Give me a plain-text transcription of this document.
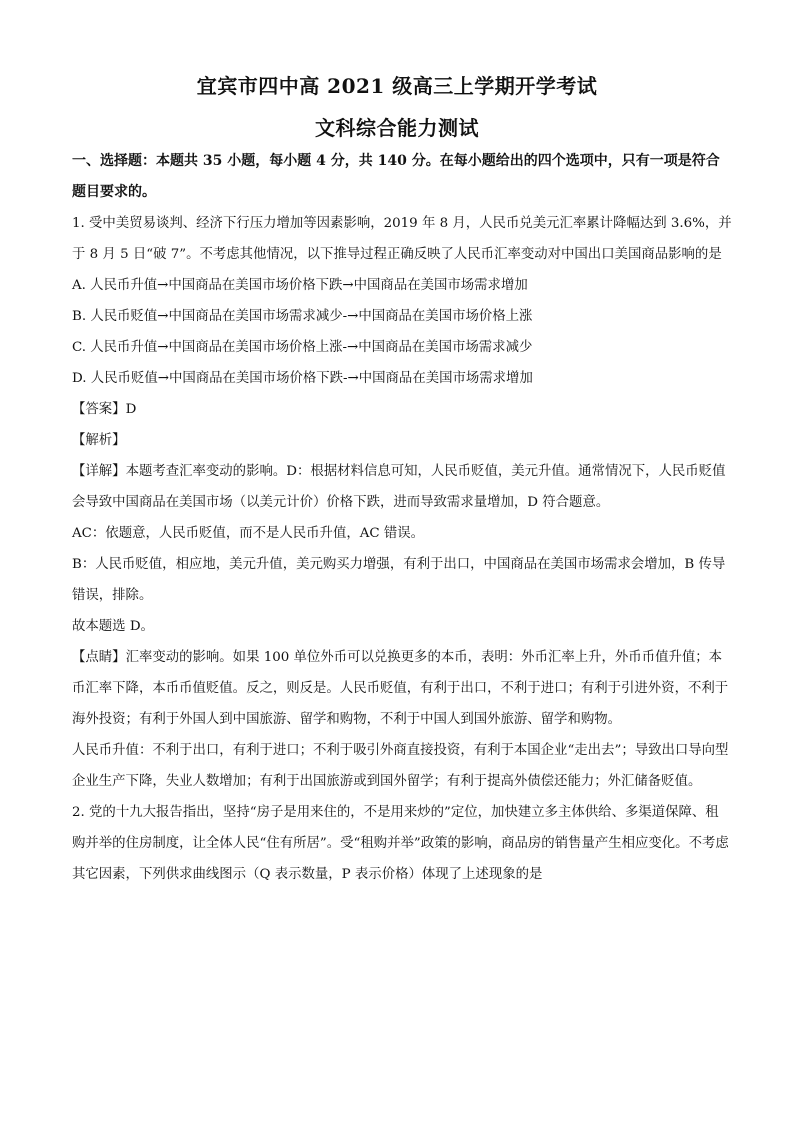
宜宾市四中高 2021 级高三上学期开学考试
文科综合能力测试

一、选择题：本题共 35 小题，每小题 4 分，共 140 分。在每小题给出的四个选项中，只有一项是符合题目要求的。

1. 受中美贸易谈判、经济下行压力增加等因素影响，2019 年 8 月，人民币兑美元汇率累计降幅达到 3.6%，并于 8 月 5 日“破 7”。不考虑其他情况，以下推导过程正确反映了人民币汇率变动对中国出口美国商品影响的是

A. 人民币升值→中国商品在美国市场价格下跌→中国商品在美国市场需求增加

B. 人民币贬值→中国商品在美国市场需求减少-→中国商品在美国市场价格上涨

C. 人民币升值→中国商品在美国市场价格上涨-→中国商品在美国市场需求减少

D. 人民币贬值→中国商品在美国市场价格下跌-→中国商品在美国市场需求增加

【答案】D

【解析】

【详解】本题考查汇率变动的影响。D：根据材料信息可知，人民币贬值，美元升值。通常情况下，人民币贬值会导致中国商品在美国市场（以美元计价）价格下跌，进而导致需求量增加，D 符合题意。

AC：依题意，人民币贬值，而不是人民币升值，AC 错误。

B：人民币贬值，相应地，美元升值，美元购买力增强，有利于出口，中国商品在美国市场需求会增加，B 传导错误，排除。

故本题选 D。

【点睛】汇率变动的影响。如果 100 单位外币可以兑换更多的本币，表明：外币汇率上升，外币币值升值；本币汇率下降，本币币值贬值。反之，则反是。人民币贬值，有利于出口，不利于进口；有利于引进外资，不利于海外投资；有利于外国人到中国旅游、留学和购物，不利于中国人到国外旅游、留学和购物。

人民币升值：不利于出口，有利于进口；不利于吸引外商直接投资，有利于本国企业“走出去”；导致出口导向型 企业生产下降，失业人数增加；有利于出国旅游或到国外留学；有利于提高外债偿还能力；外汇储备贬值。

2. 党的十九大报告指出，坚持“房子是用来住的，不是用来炒的”定位，加快建立多主体供给、多渠道保障、租购并举的住房制度，让全体人民“住有所居”。受“租购并举”政策的影响，商品房的销售量产生相应变化。不考虑其它因素，下列供求曲线图示（Q 表示数量，P 表示价格）体现了上述现象的是
